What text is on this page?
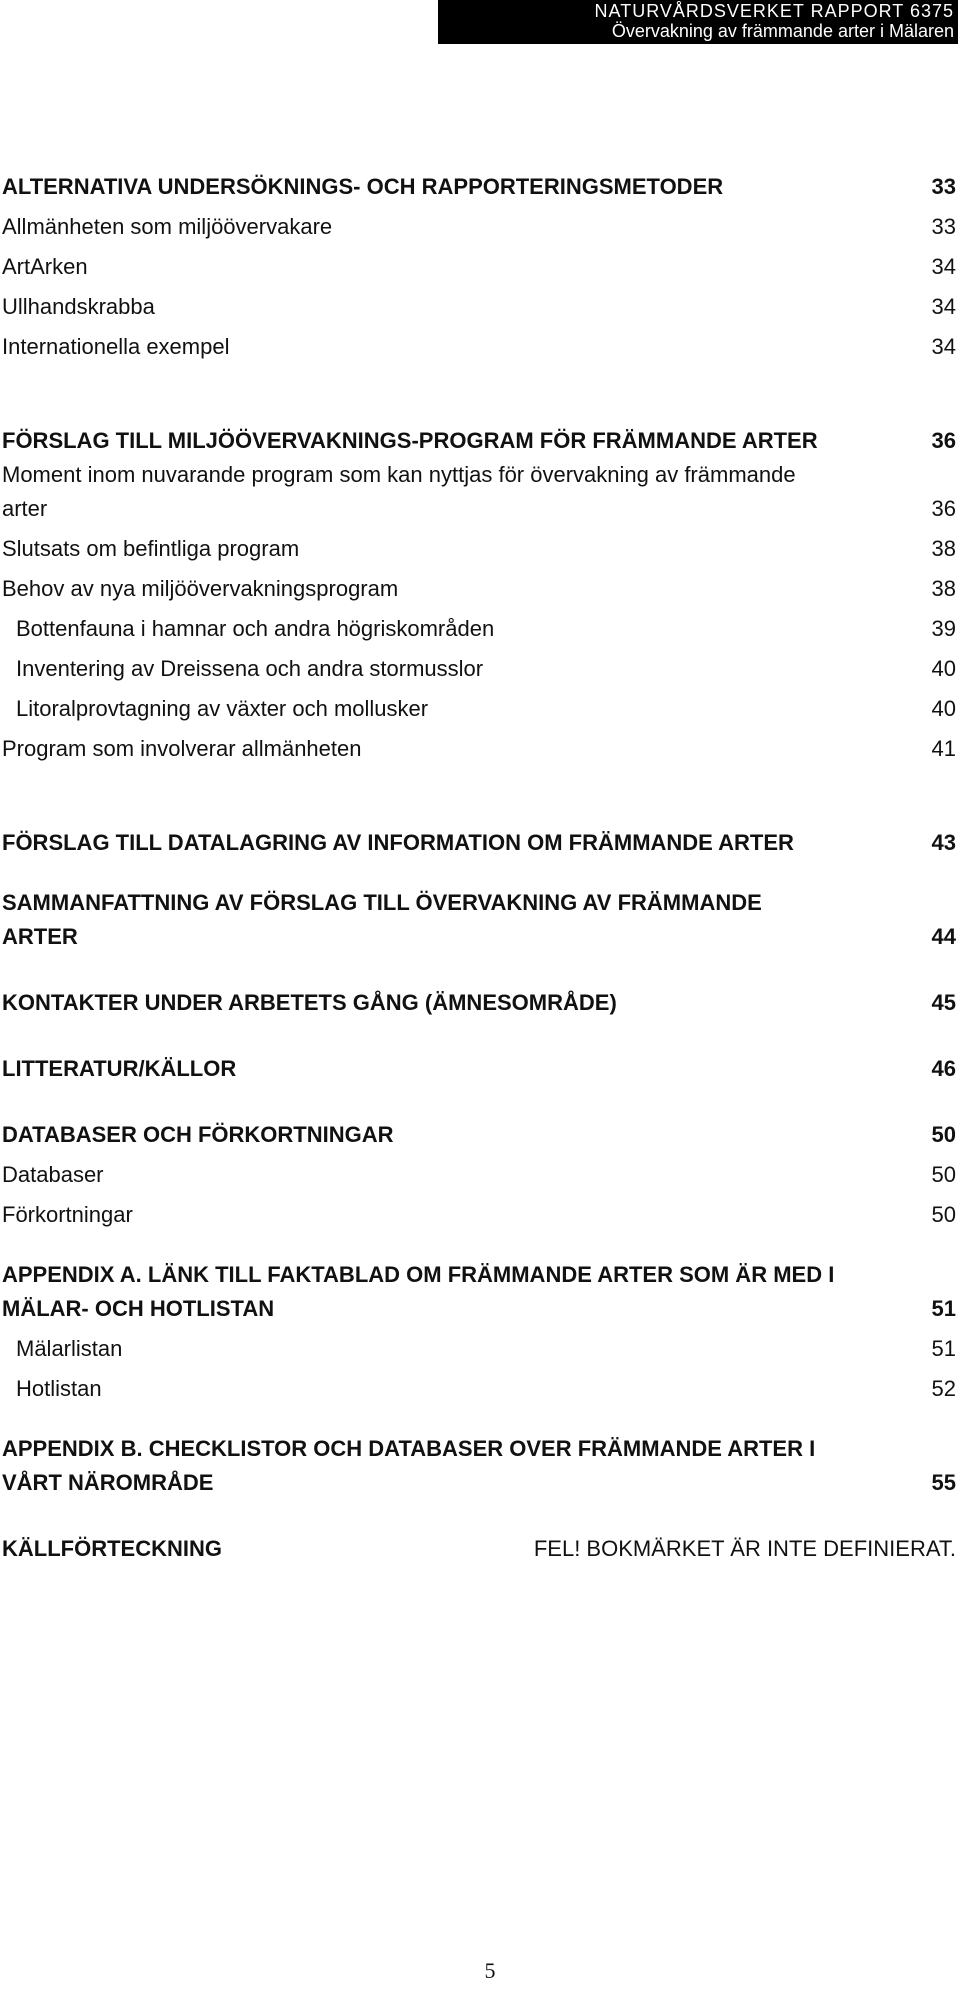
NATURVÅRDSVERKET RAPPORT 6375
Övervakning av främmande arter i Mälaren
ALTERNATIVA UNDERSÖKNINGS- OCH RAPPORTERINGSMETODER	33
Allmänheten som miljöövervakare	33
ArtArken	34
Ullhandskrabba	34
Internationella exempel	34
FÖRSLAG TILL MILJÖÖVERVAKNINGS-PROGRAM FÖR FRÄMMANDE ARTER	36
Moment inom nuvarande program som kan nyttjas för övervakning av främmande arter	36
Slutsats om befintliga program	38
Behov av nya miljöövervakningsprogram	38
Bottenfauna i hamnar och andra högriskområden	39
Inventering av Dreissena och andra stormusslor	40
Litoralprovtagning av växter och mollusker	40
Program som involverar allmänheten	41
FÖRSLAG TILL DATALAGRING AV INFORMATION OM FRÄMMANDE ARTER	43
SAMMANFATTNING AV FÖRSLAG TILL ÖVERVAKNING AV FRÄMMANDE ARTER	44
KONTAKTER UNDER ARBETETS GÅNG (ÄMNESOMRÅDE)	45
LITTERATUR/KÄLLOR	46
DATABASER OCH FÖRKORTNINGAR	50
Databaser	50
Förkortningar	50
APPENDIX A. LÄNK TILL FAKTABLAD OM FRÄMMANDE ARTER SOM ÄR MED I MÄLAR- OCH HOTLISTAN	51
Mälarlistan	51
Hotlistan	52
APPENDIX B. CHECKLISTOR OCH DATABASER OVER FRÄMMANDE ARTER I VÅRT NÄROMRÅDE	55
KÄLLFÖRTECKNING	FEL! BOKMÄRKET ÄR INTE DEFINIERAT.
5
